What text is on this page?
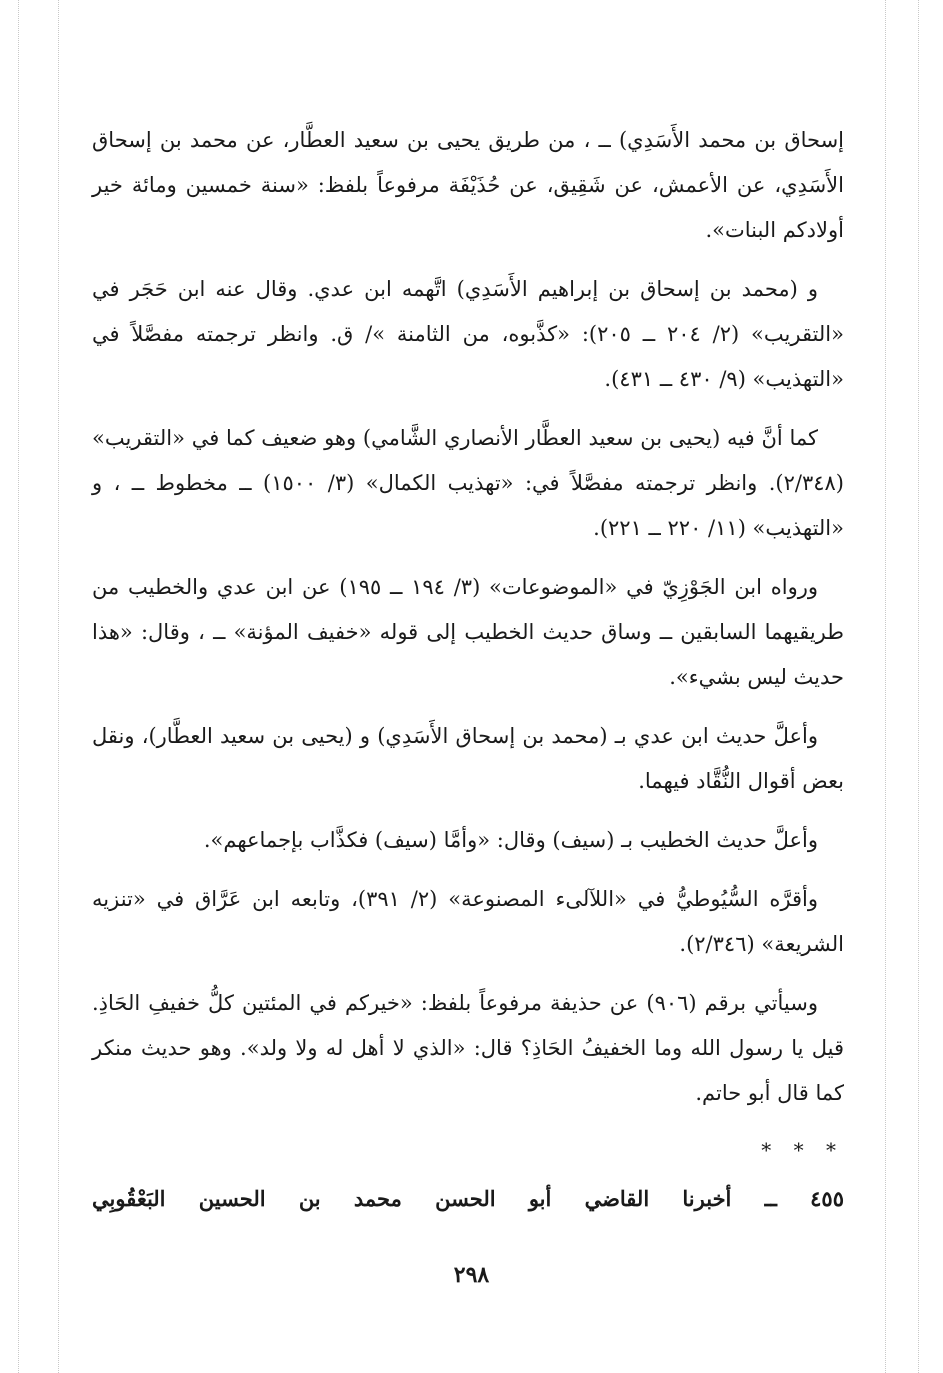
إسحاق بن محمد الأَسَدِي) ــ ، من طريق يحيى بن سعيد العطَّار، عن محمد بن إسحاق الأَسَدِي، عن الأعمش، عن شَقِيق، عن حُذَيْفَة مرفوعاً بلفظ: «سنة خمسين ومائة خير أولادكم البنات».

و (محمد بن إسحاق بن إبراهيم الأَسَدِي) اتَّهمه ابن عدي. وقال عنه ابن حَجَر في «التقريب» (٢/ ٢٠٤ ــ ٢٠٥): «كذَّبوه، من الثامنة »/ ق. وانظر ترجمته مفصَّلاً في «التهذيب» (٩/ ٤٣٠ ــ ٤٣١).

كما أنَّ فيه (يحيى بن سعيد العطَّار الأنصاري الشَّامي) وهو ضعيف كما في «التقريب» (٢/٣٤٨). وانظر ترجمته مفصَّلاً في: «تهذيب الكمال» (٣/ ١٥٠٠) ــ مخطوط ــ ، و «التهذيب» (١١/ ٢٢٠ ــ ٢٢١).

ورواه ابن الجَوْزِيّ في «الموضوعات» (٣/ ١٩٤ ــ ١٩٥) عن ابن عدي والخطيب من طريقيهما السابقين ــ وساق حديث الخطيب إلى قوله «خفيف المؤنة» ــ ، وقال: «هذا حديث ليس بشيء».

وأعلَّ حديث ابن عدي بـ (محمد بن إسحاق الأَسَدِي) و (يحيى بن سعيد العطَّار)، ونقل بعض أقوال النُّقَّاد فيهما.

وأعلَّ حديث الخطيب بـ (سيف) وقال: «وأمَّا (سيف) فكذَّاب بإجماعهم».

وأقرَّه السُّيُوطيُّ في «اللآلىء المصنوعة» (٢/ ٣٩١)، وتابعه ابن عَرَّاق في «تنزيه الشريعة» (٢/٣٤٦).

وسيأتي برقم (٩٠٦) عن حذيفة مرفوعاً بلفظ: «خيركم في المئتين كلُّ خفيفِ الحَاذِ. قيل يا رسول الله وما الخفيفُ الحَاذِ؟ قال: «الذي لا أهل له ولا ولد». وهو حديث منكر كما قال أبو حاتم.

* * *

٤٥٥ ــ أخبرنا القاضي أبو الحسن محمد بن الحسين البَعْقُوبِي

٢٩٨
